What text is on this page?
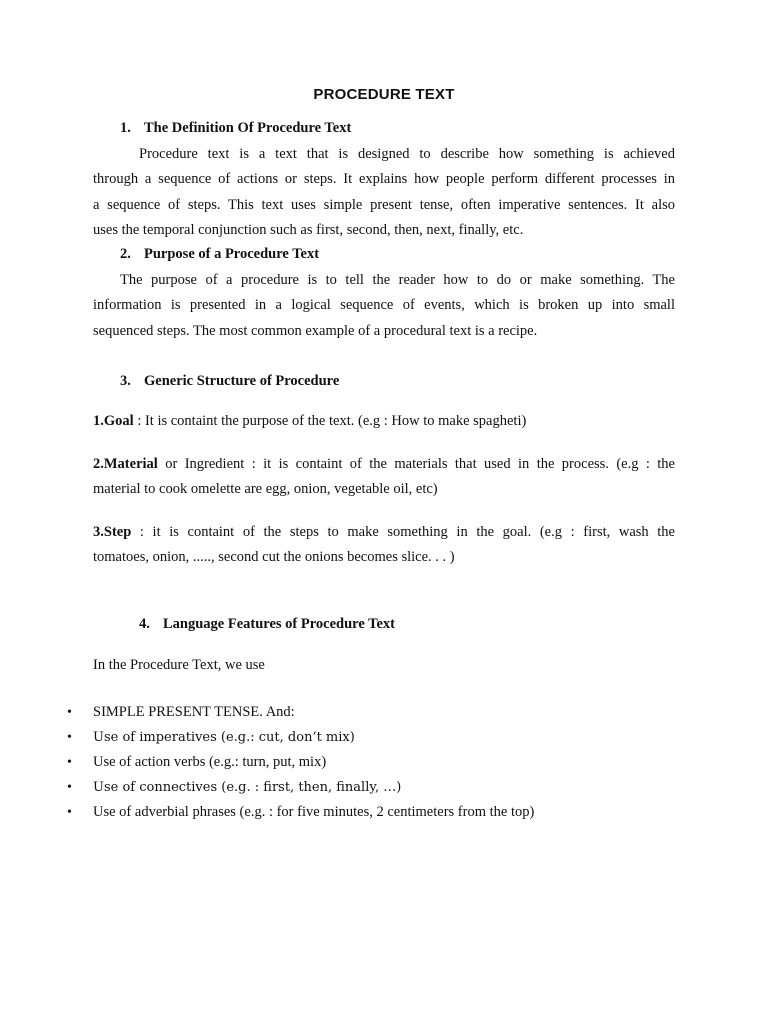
PROCEDURE TEXT
1. The Definition Of Procedure Text
Procedure text is a text that is designed to describe how something is achieved
through a sequence of actions or steps. It explains how people perform different processes in
a sequence of steps. This text uses simple present tense, often imperative sentences. It also
uses the temporal conjunction such as first, second, then, next, finally, etc.
2. Purpose of a Procedure Text
The purpose of a procedure is to tell the reader how to do or make something. The
information is presented in a logical sequence of events, which is broken up into small
sequenced steps. The most common example of a procedural text is a recipe.
3. Generic Structure of Procedure
1.Goal : It is containt the purpose of the text. (e.g : How to make spagheti)
2.Material or Ingredient : it is containt of the materials that used in the process. (e.g : the
material to cook omelette are egg, onion, vegetable oil, etc)
3.Step : it is containt of the steps to make something in the goal. (e.g : first, wash the
tomatoes, onion, ....., second cut the onions becomes slice. . . )
4. Language Features of Procedure Text
In the Procedure Text, we use
• SIMPLE PRESENT TENSE. And:
• Use of imperatives (e.g.: cut, don’t mix)
• Use of action verbs (e.g.: turn, put, mix)
• Use of connectives (e.g. : first, then, finally, …)
• Use of adverbial phrases (e.g. : for five minutes, 2 centimeters from the top)
